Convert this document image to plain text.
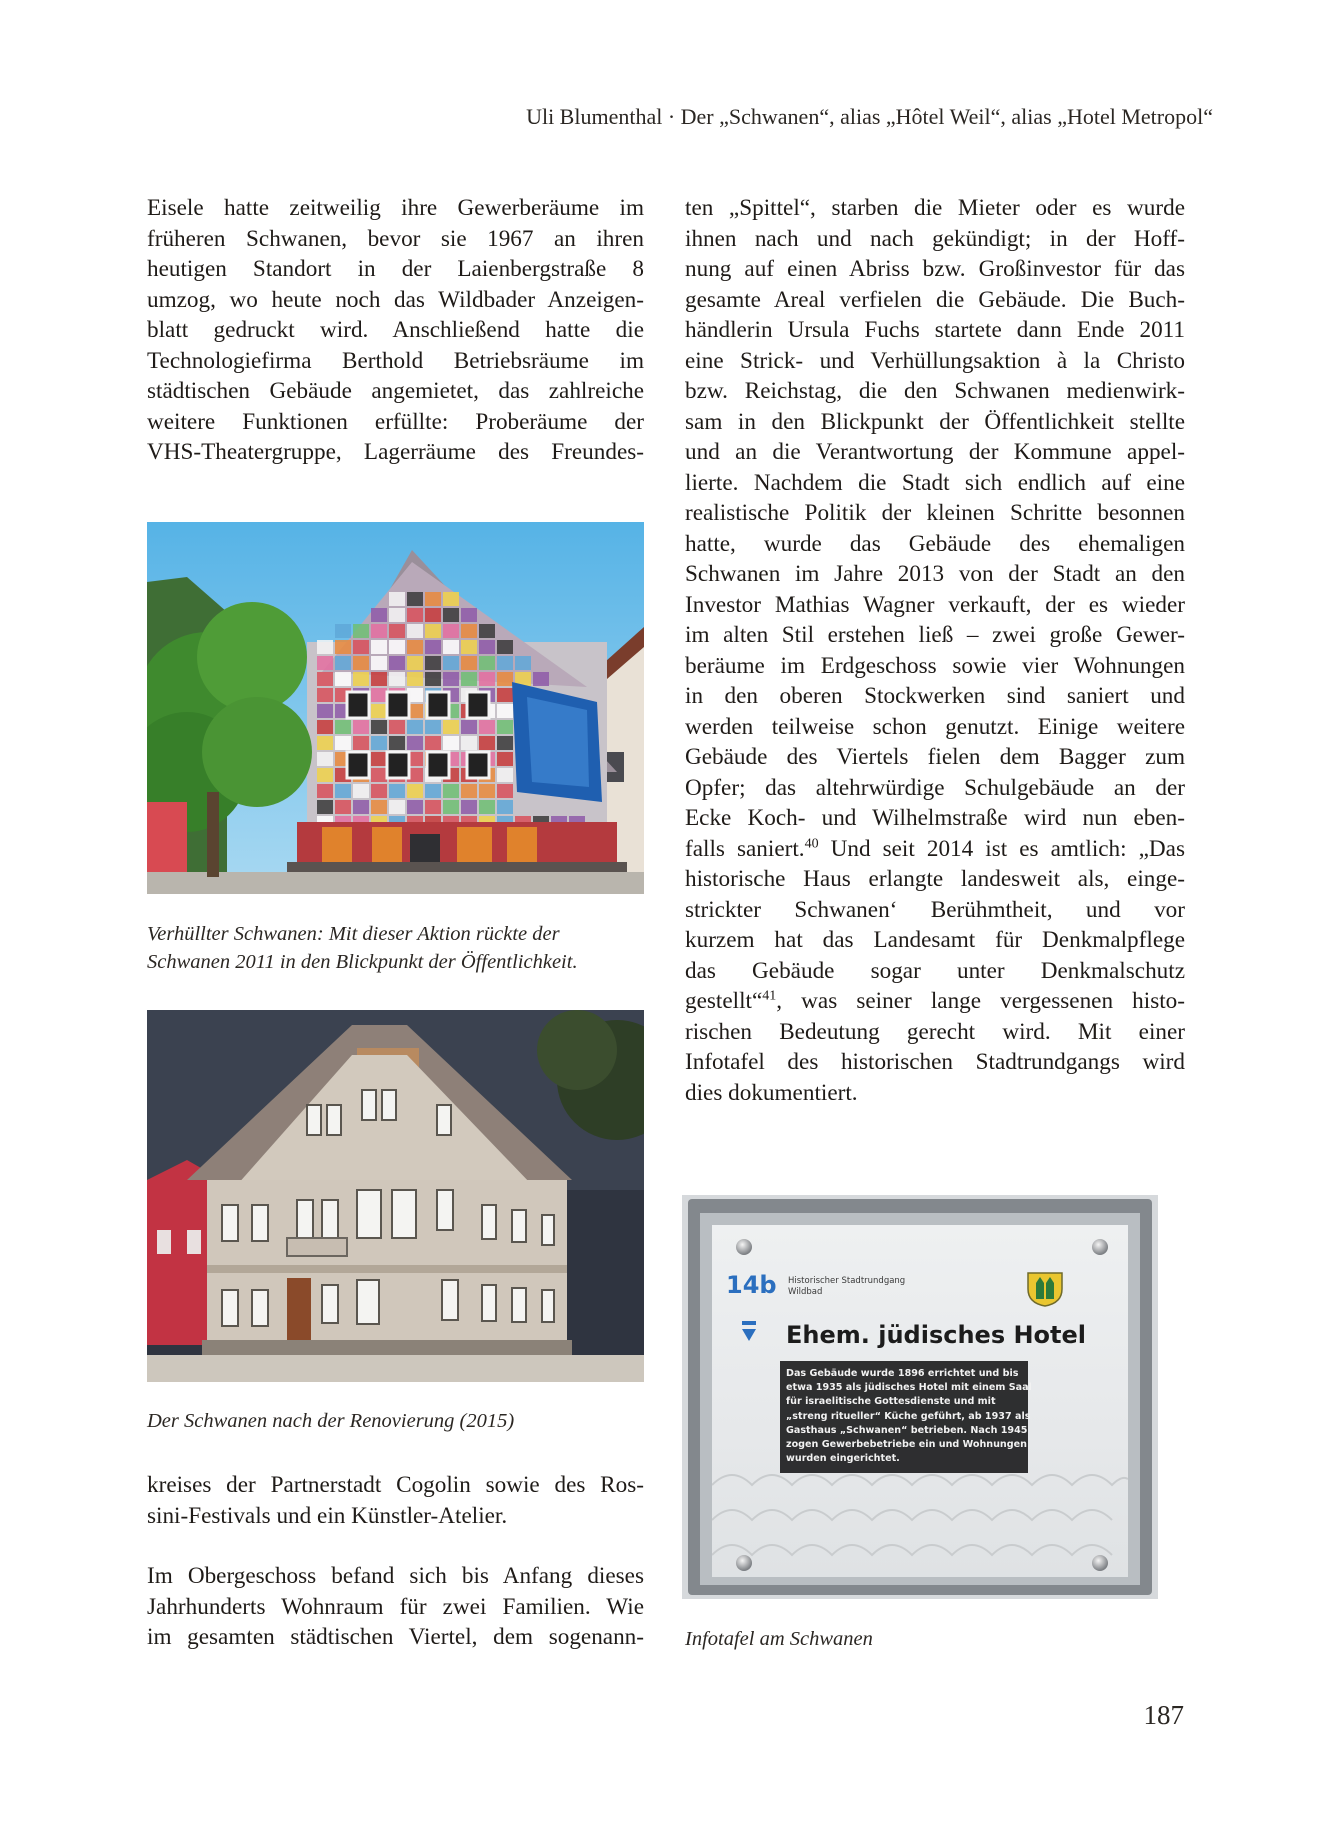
Uli Blumenthal · Der „Schwanen“, alias „Hôtel Weil“, alias „Hotel Metropol“

Eisele hatte zeitweilig ihre Gewerberäume im
früheren Schwanen, bevor sie 1967 an ihren
heutigen Standort in der Laienbergstraße 8
umzog, wo heute noch das Wildbader Anzeigen-
blatt gedruckt wird. Anschließend hatte die
Technologiefirma Berthold Betriebsräume im
städtischen Gebäude angemietet, das zahlreiche
weitere Funktionen erfüllte: Proberäume der
VHS-Theatergruppe, Lagerräume des Freundes-

Verhüllter Schwanen: Mit dieser Aktion rückte der
Schwanen 2011 in den Blickpunkt der Öffentlichkeit.
Der Schwanen nach der Renovierung (2015)

kreises der Partnerstadt Cogolin sowie des Ros-
sini-Festivals und ein Künstler-Atelier.

Im Obergeschoss befand sich bis Anfang dieses
Jahrhunderts Wohnraum für zwei Familien. Wie
im gesamten städtischen Viertel, dem sogenann-

ten „Spittel“, starben die Mieter oder es wurde
ihnen nach und nach gekündigt; in der Hoff-
nung auf einen Abriss bzw. Großinvestor für das
gesamte Areal verfielen die Gebäude. Die Buch-
händlerin Ursula Fuchs startete dann Ende 2011
eine Strick- und Verhüllungsaktion à la Christo
bzw. Reichstag, die den Schwanen medienwirk-
sam in den Blickpunkt der Öffentlichkeit stellte
und an die Verantwortung der Kommune appel-
lierte. Nachdem die Stadt sich endlich auf eine
realistische Politik der kleinen Schritte besonnen
hatte, wurde das Gebäude des ehemaligen
Schwanen im Jahre 2013 von der Stadt an den
Investor Mathias Wagner verkauft, der es wieder
im alten Stil erstehen ließ – zwei große Gewer-
beräume im Erdgeschoss sowie vier Wohnungen
in den oberen Stockwerken sind saniert und
werden teilweise schon genutzt. Einige weitere
Gebäude des Viertels fielen dem Bagger zum
Opfer; das altehrwürdige Schulgebäude an der
Ecke Koch- und Wilhelmstraße wird nun eben-
falls saniert.$^{40}$ Und seit 2014 ist es amtlich: „Das
historische Haus erlangte landesweit als, einge-
strickter Schwanen‘ Berühmtheit, und vor
kurzem hat das Landesamt für Denkmalpflege
das Gebäude sogar unter Denkmalschutz
gestellt“$^{41}$, was seiner lange vergessenen histo-
rischen Bedeutung gerecht wird. Mit einer
Infotafel des historischen Stadtrundgangs wird
dies dokumentiert.

14b Historischer Stadtrundgang
Wildbad
Ehem. jüdisches Hotel
Das Gebäude wurde 1896 errichtet und bis
etwa 1935 als jüdisches Hotel mit einem Saal
für israelitische Gottesdienste und mit
„streng ritueller“ Küche geführt, ab 1937 als
Gasthaus „Schwanen“ betrieben. Nach 1945
zogen Gewerbebetriebe ein und Wohnungen
wurden eingerichtet.
Infotafel am Schwanen
187
